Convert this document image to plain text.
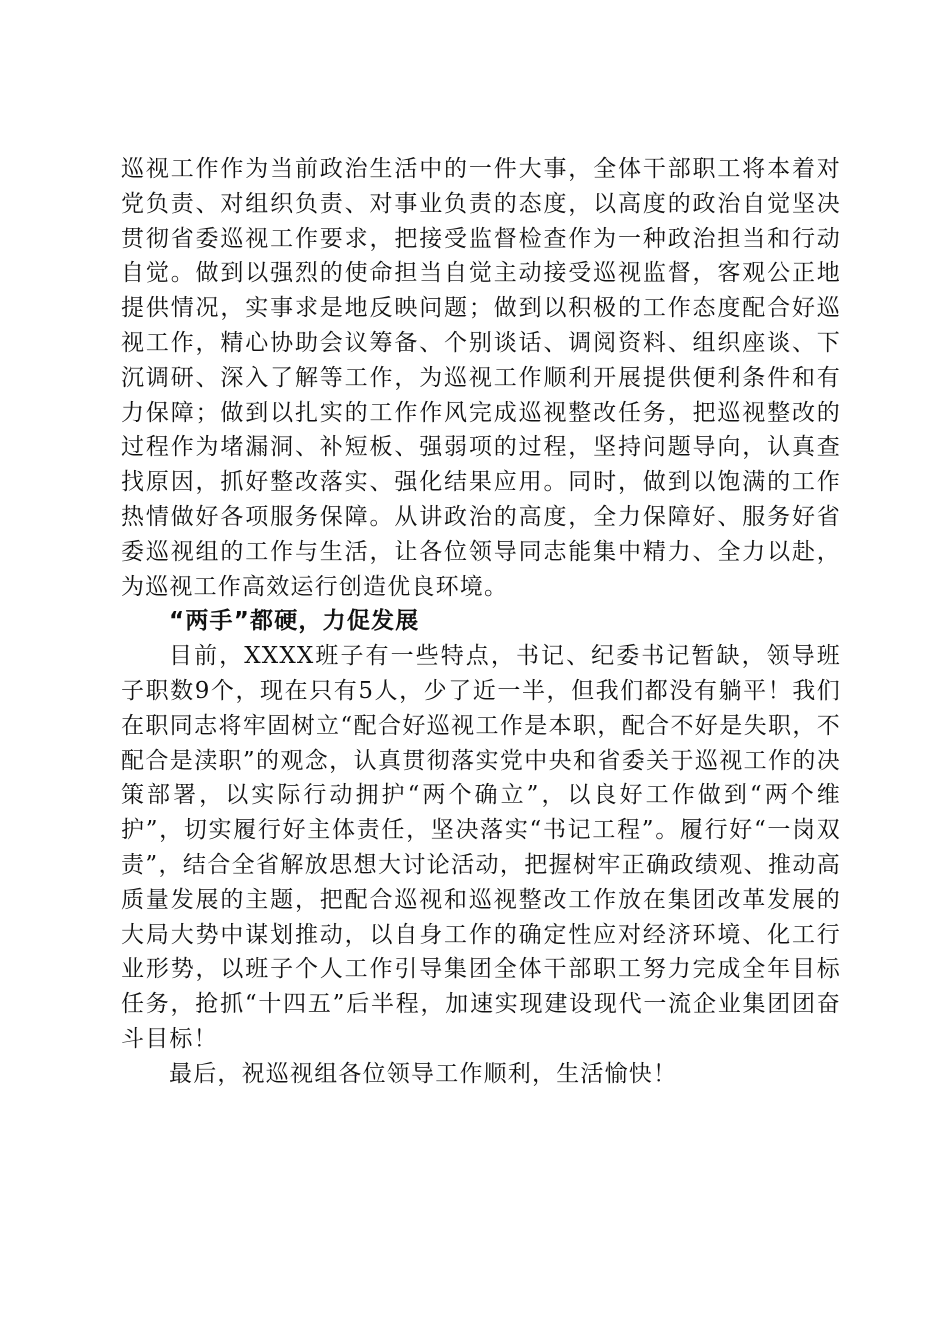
巡视工作作为当前政治生活中的一件大事，全体干部职工将本着对党负责、对组织负责、对事业负责的态度，以高度的政治自觉坚决贯彻省委巡视工作要求，把接受监督检查作为一种政治担当和行动自觉。做到以强烈的使命担当自觉主动接受巡视监督，客观公正地提供情况，实事求是地反映问题；做到以积极的工作态度配合好巡视工作，精心协助会议筹备、个别谈话、调阅资料、组织座谈、下沉调研、深入了解等工作，为巡视工作顺利开展提供便利条件和有力保障；做到以扎实的工作作风完成巡视整改任务，把巡视整改的过程作为堵漏洞、补短板、强弱项的过程，坚持问题导向，认真查找原因，抓好整改落实、强化结果应用。同时，做到以饱满的工作热情做好各项服务保障。从讲政治的高度，全力保障好、服务好省委巡视组的工作与生活，让各位领导同志能集中精力、全力以赴，为巡视工作高效运行创造优良环境。

“两手”都硬，力促发展

目前，XXXX班子有一些特点，书记、纪委书记暂缺，领导班子职数9个，现在只有5人，少了近一半，但我们都没有躺平！我们在职同志将牢固树立“配合好巡视工作是本职，配合不好是失职，不配合是渎职”的观念，认真贯彻落实党中央和省委关于巡视工作的决策部署，以实际行动拥护“两个确立”，以良好工作做到“两个维护”，切实履行好主体责任，坚决落实“书记工程”。履行好“一岗双责”，结合全省解放思想大讨论活动，把握树牢正确政绩观、推动高质量发展的主题，把配合巡视和巡视整改工作放在集团改革发展的大局大势中谋划推动，以自身工作的确定性应对经济环境、化工行业形势，以班子个人工作引导集团全体干部职工努力完成全年目标任务，抢抓“十四五”后半程，加速实现建设现代一流企业集团团奋斗目标！

最后，祝巡视组各位领导工作顺利，生活愉快！
